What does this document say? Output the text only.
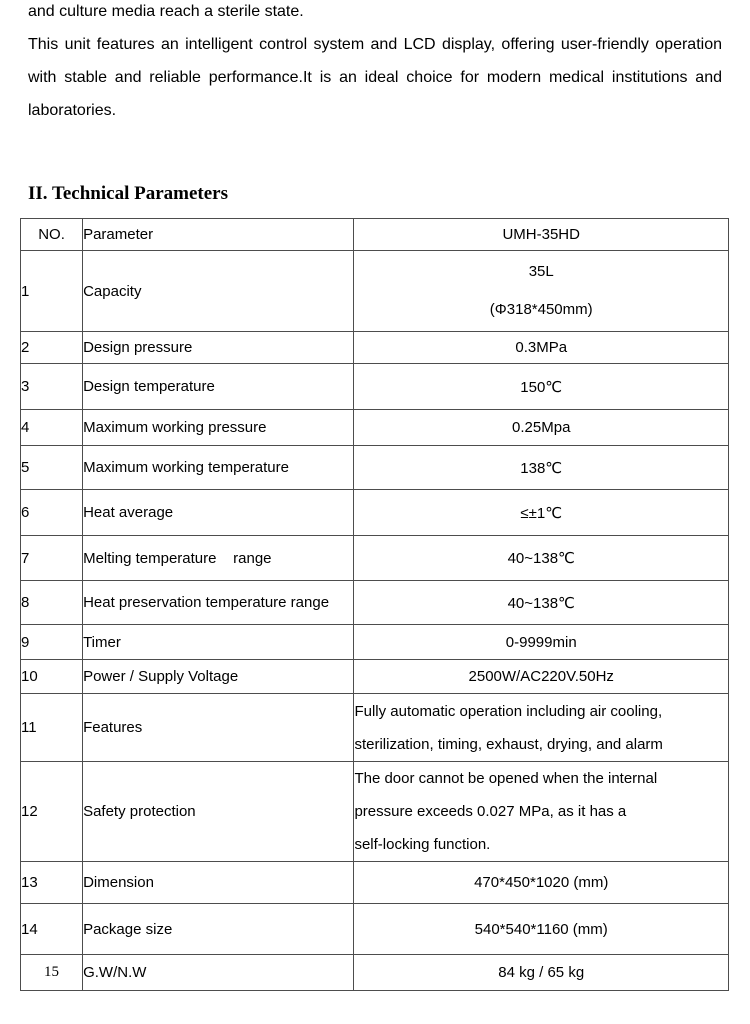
and culture media reach a sterile state.

This unit features an intelligent control system and LCD display, offering user-friendly operation with stable and reliable performance.It is an ideal choice for modern medical institutions and laboratories.

II. Technical Parameters
NO.	Parameter	UMH-35HD
1	Capacity	35L
(Φ318*450mm)

2	Design pressure	0.3MPa
3	Design temperature	150℃
4	Maximum working pressure	0.25Mpa
5	Maximum working temperature	138℃
6	Heat average	≤±1℃
7	Melting temperature    range	40~138℃
8	Heat preservation temperature range	40~138℃
9	Timer	0-9999min
10	Power / Supply Voltage	2500W/AC220V.50Hz
11	Features	Fully automatic operation including air cooling,
sterilization, timing, exhaust, drying, and alarm

12	Safety protection	The door cannot be opened when the internal
pressure exceeds 0.027 MPa, as it has a
self-locking function.

13	Dimension	470*450*1020 (mm)
14	Package size	540*540*1160 (mm)
15	G.W/N.W	84 kg / 65 kg
